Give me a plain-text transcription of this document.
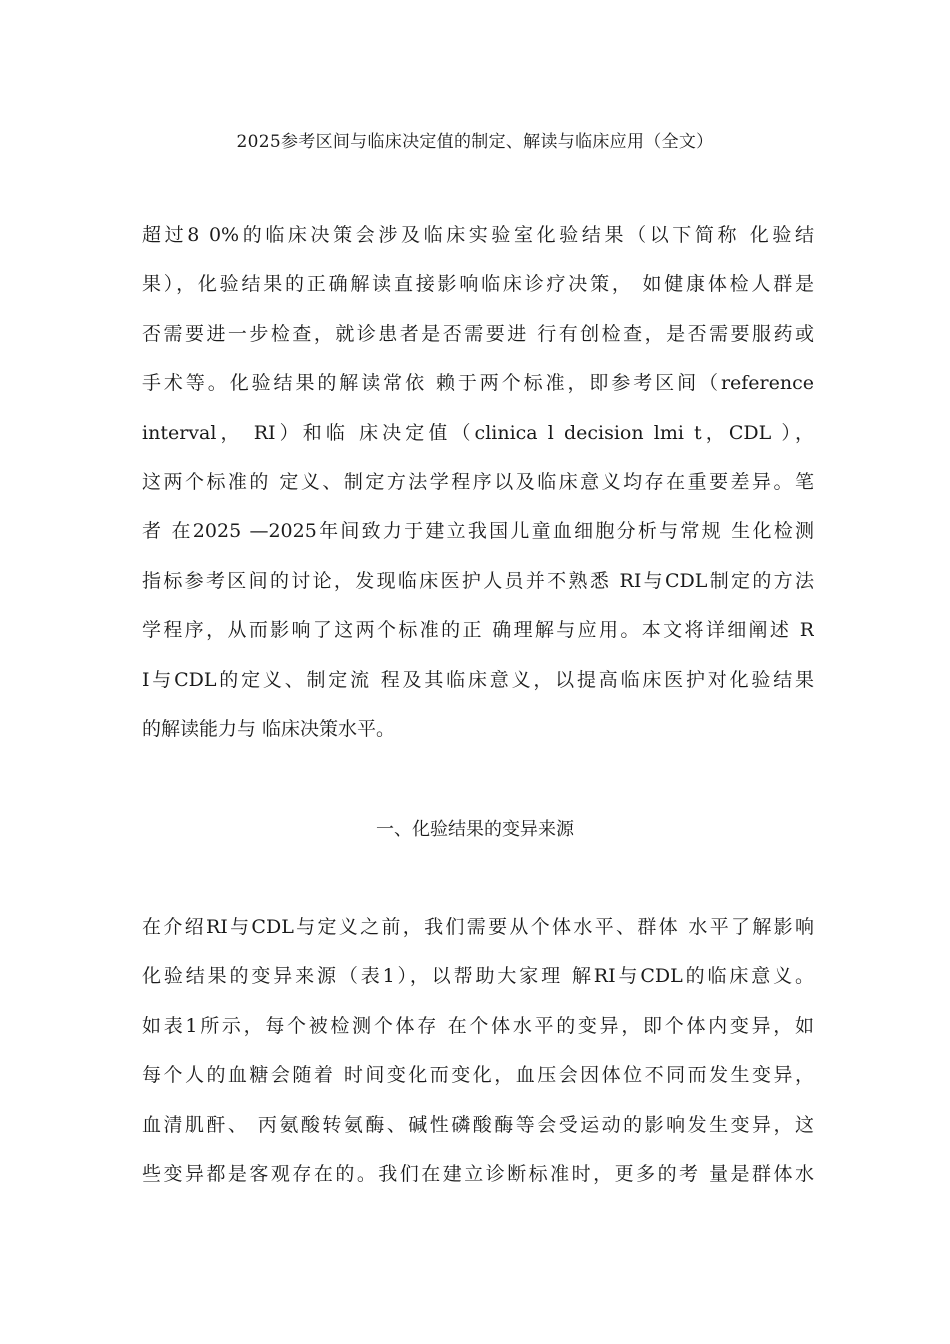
2025参考区间与临床决定值的制定、解读与临床应用（全文）
超过8 0%的临床决策会涉及临床实验室化验结果（以下简称 化验结
果），化验结果的正确解读直接影响临床诊疗决策， 如健康体检人群是
否需要进一步检查，就诊患者是否需要进 行有创检查，是否需要服药或
手术等。化验结果的解读常依 赖于两个标准，即参考区间（reference
interval， RI）和临 床决定值（clinica l decision lmi t，CDL ），
这两个标准的 定义、制定方法学程序以及临床意义均存在重要差异。笔
者 在2025 —2025年间致力于建立我国儿童血细胞分析与常规 生化检测
指标参考区间的讨论，发现临床医护人员并不熟悉 RI与CDL制定的方法
学程序，从而影响了这两个标准的正 确理解与应用。本文将详细阐述 R
I与CDL的定义、制定流 程及其临床意义，以提高临床医护对化验结果
的解读能力与 临床决策水平。
一、化验结果的变异来源
在介绍RI与CDL与定义之前，我们需要从个体水平、群体 水平了解影响
化验结果的变异来源（表1），以帮助大家理 解RI与CDL的临床意义。
如表1所示，每个被检测个体存 在个体水平的变异，即个体内变异，如
每个人的血糖会随着 时间变化而变化，血压会因体位不同而发生变异，
血清肌酐、 丙氨酸转氨酶、碱性磷酸酶等会受运动的影响发生变异，这
些变异都是客观存在的。我们在建立诊断标准时，更多的考 量是群体水
